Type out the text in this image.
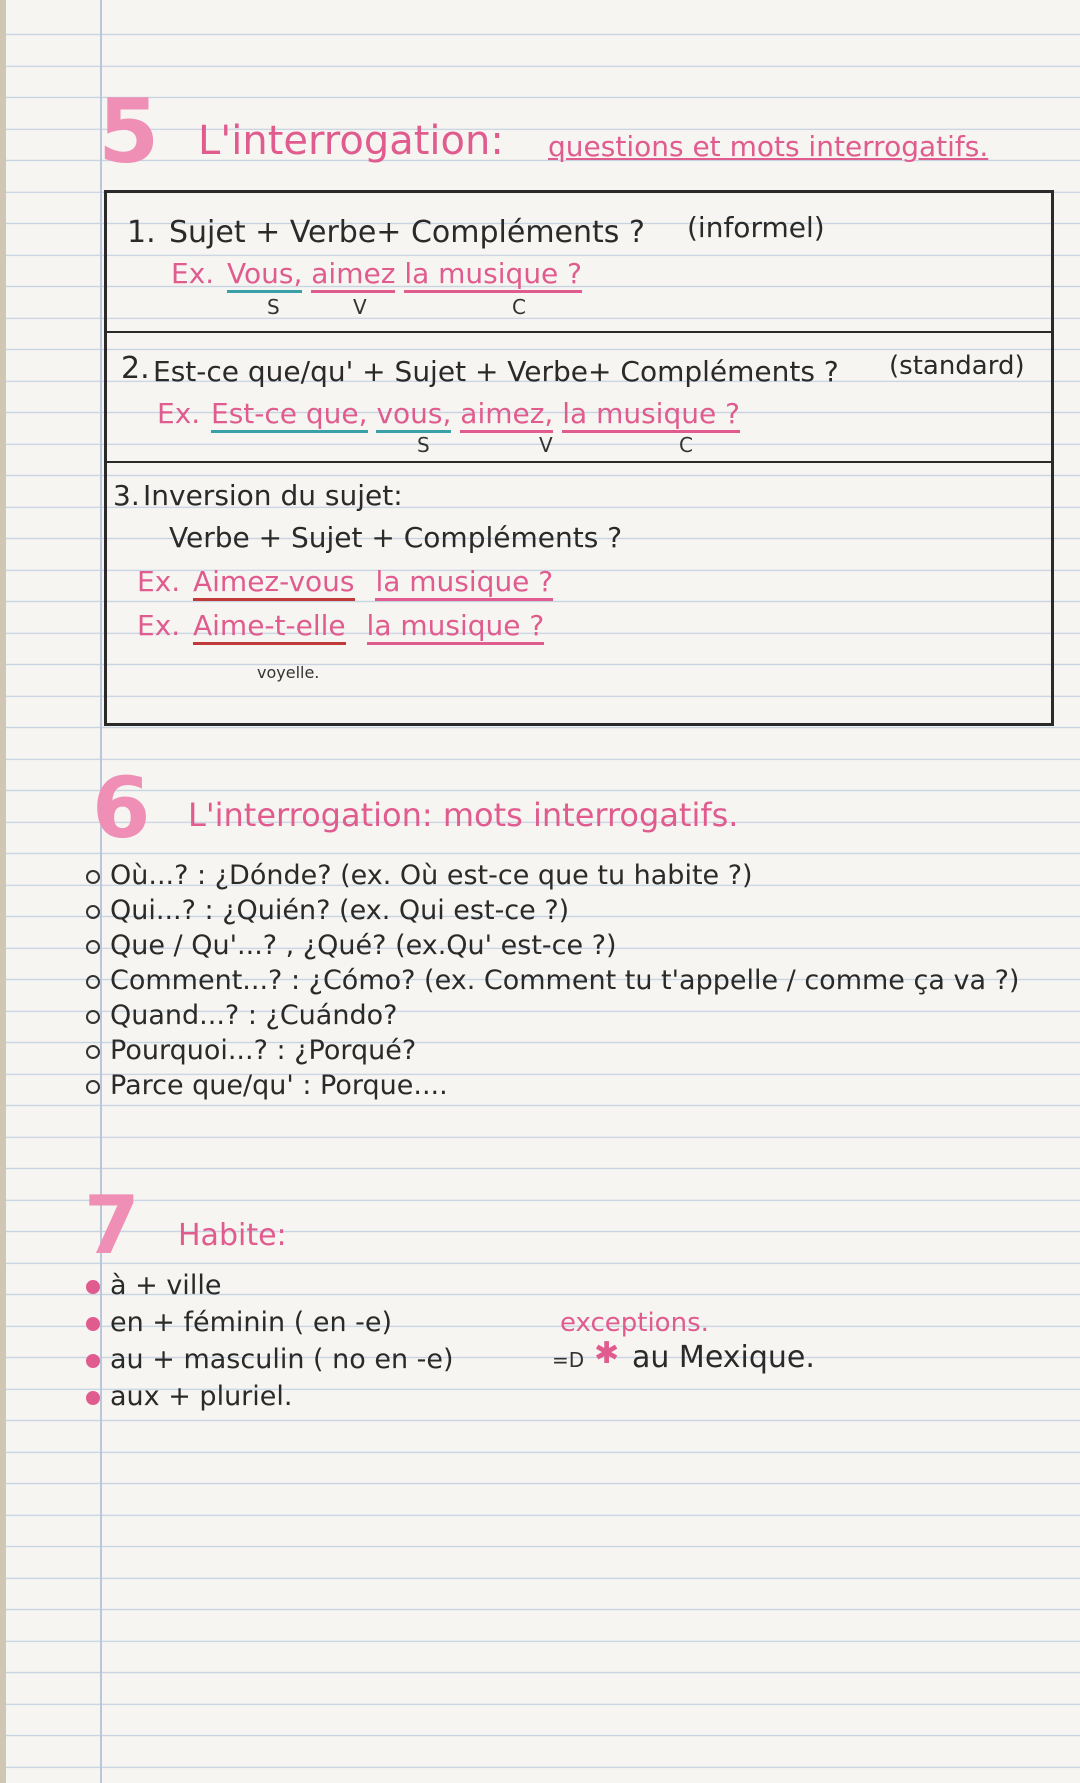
5 L'interrogation: questions et mots interrogatifs.
1. Sujet + Verbe+ Compléments ? (informel)
Ex. Vous, aimez la musique ?
S	V	C
2. Est-ce que/qu' + Sujet + Verbe+ Compléments ? (standard)
Ex. Est-ce que, vous, aimez, la musique ?
S	V	C
3. Inversion du sujet:
Verbe + Sujet + Compléments ?
Ex. Aimez-vous la musique ?
Ex. Aime-t-elle la musique ?
voyelle.
6 L'interrogation: mots interrogatifs.
Où...? : ¿Dónde? (ex. Où est-ce que tu habite ?)
Qui...? : ¿Quién? (ex. Qui est-ce ?)
Que / Qu'...? , ¿Qué? (ex.Qu' est-ce ?)
Comment...? : ¿Cómo? (ex. Comment tu t'appelle / comme ça va ?)
Quand...? : ¿Cuándo?
Pourquoi...? : ¿Porqué?
Parce que/qu' : Porque....
7 Habite:
à + ville
en + féminin ( en -e)
au + masculin ( no en -e)
aux + pluriel.
exceptions.
=D ✱ au Mexique.
